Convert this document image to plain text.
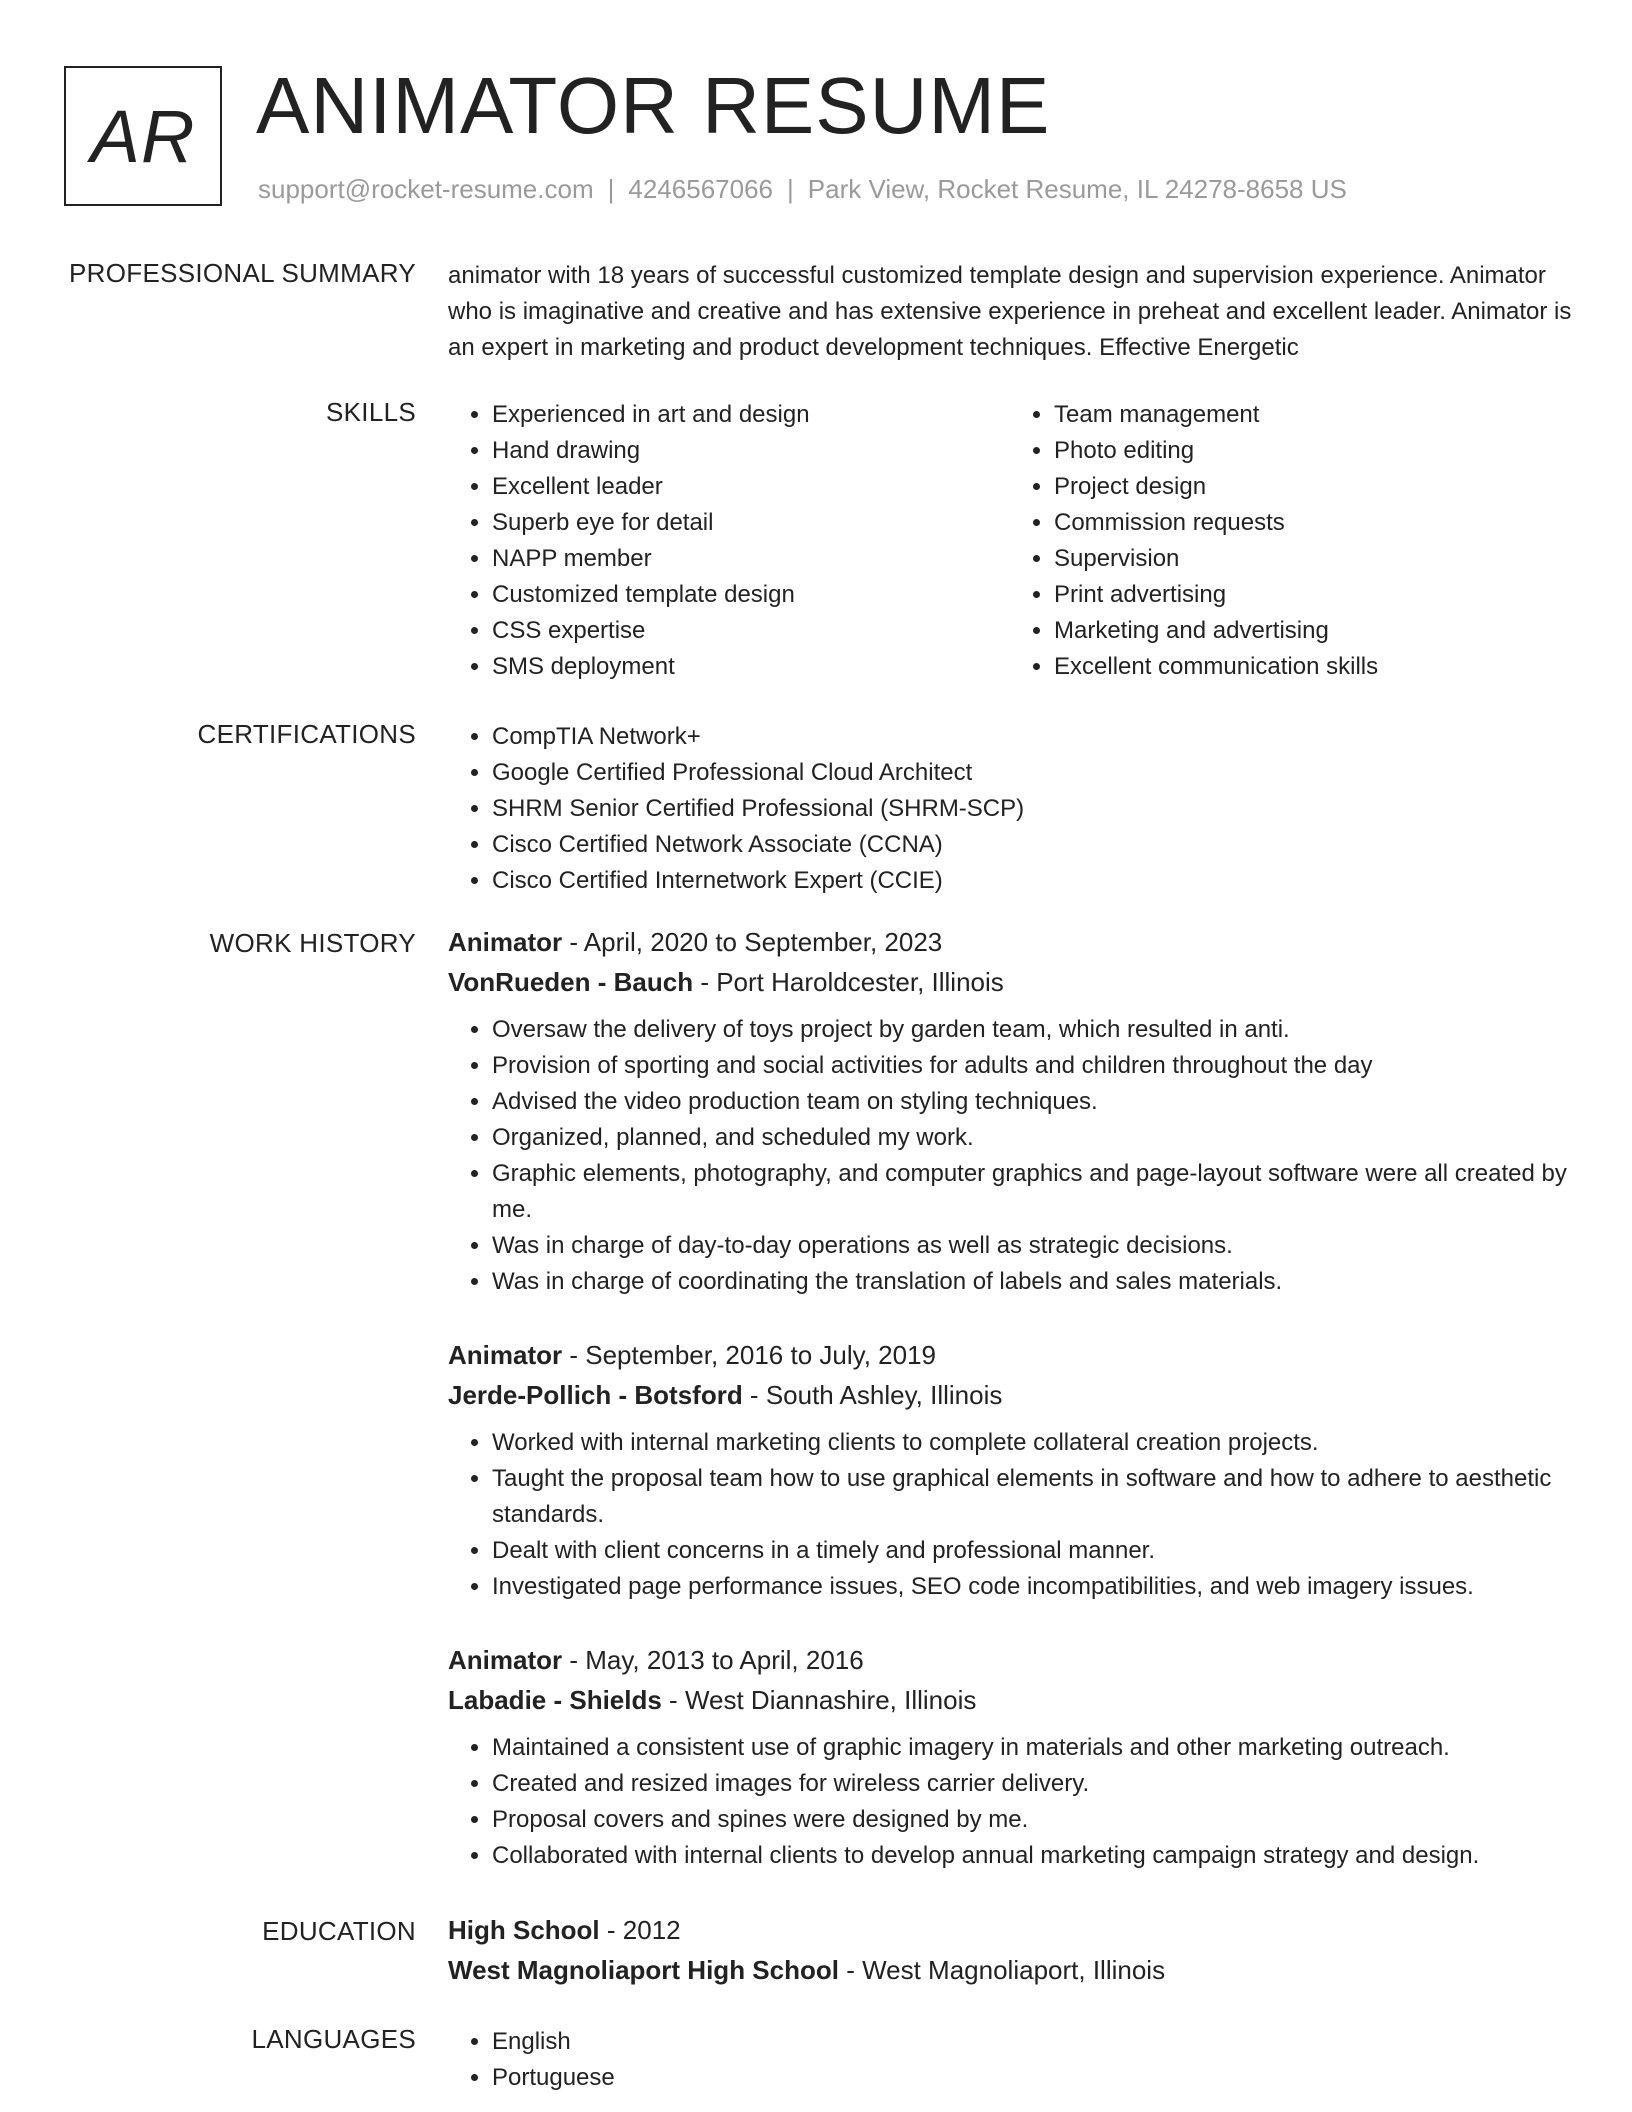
AR ANIMATOR RESUME
support@rocket-resume.com | 4246567066 | Park View, Rocket Resume, IL 24278-8658 US
PROFESSIONAL SUMMARY animator with 18 years of successful customized template design and supervision experience. Animator who is imaginative and creative and has extensive experience in preheat and excellent leader. Animator is an expert in marketing and product development techniques. Effective Energetic

SKILLS	• Experienced in art and design
• Hand drawing
• Excellent leader
• Superb eye for detail
• NAPP member
• Customized template design
• CSS expertise
• SMS deployment
• Team management
• Photo editing
• Project design
• Commission requests
• Supervision
• Print advertising
• Marketing and advertising
• Excellent communication skills
CERTIFICATIONS	• CompTIA Network+
• Google Certified Professional Cloud Architect
• SHRM Senior Certified Professional (SHRM-SCP)
• Cisco Certified Network Associate (CCNA)
• Cisco Certified Internetwork Expert (CCIE)
WORK HISTORY Animator - April, 2020 to September, 2023
VonRueden - Bauch - Port Haroldcester, Illinois
• Oversaw the delivery of toys project by garden team, which resulted in anti.
• Provision of sporting and social activities for adults and children throughout the day
• Advised the video production team on styling techniques.
• Organized, planned, and scheduled my work.
• Graphic elements, photography, and computer graphics and page-layout software were all created by me.
• Was in charge of day-to-day operations as well as strategic decisions.
• Was in charge of coordinating the translation of labels and sales materials.
Animator - September, 2016 to July, 2019
Jerde-Pollich - Botsford - South Ashley, Illinois
• Worked with internal marketing clients to complete collateral creation projects.
• Taught the proposal team how to use graphical elements in software and how to adhere to aesthetic standards.
• Dealt with client concerns in a timely and professional manner.
• Investigated page performance issues, SEO code incompatibilities, and web imagery issues.
Animator - May, 2013 to April, 2016
Labadie - Shields - West Diannashire, Illinois
• Maintained a consistent use of graphic imagery in materials and other marketing outreach.
• Created and resized images for wireless carrier delivery.
• Proposal covers and spines were designed by me.
• Collaborated with internal clients to develop annual marketing campaign strategy and design.
EDUCATION High School - 2012
West Magnoliaport High School - West Magnoliaport, Illinois
LANGUAGES	• English
• Portuguese
